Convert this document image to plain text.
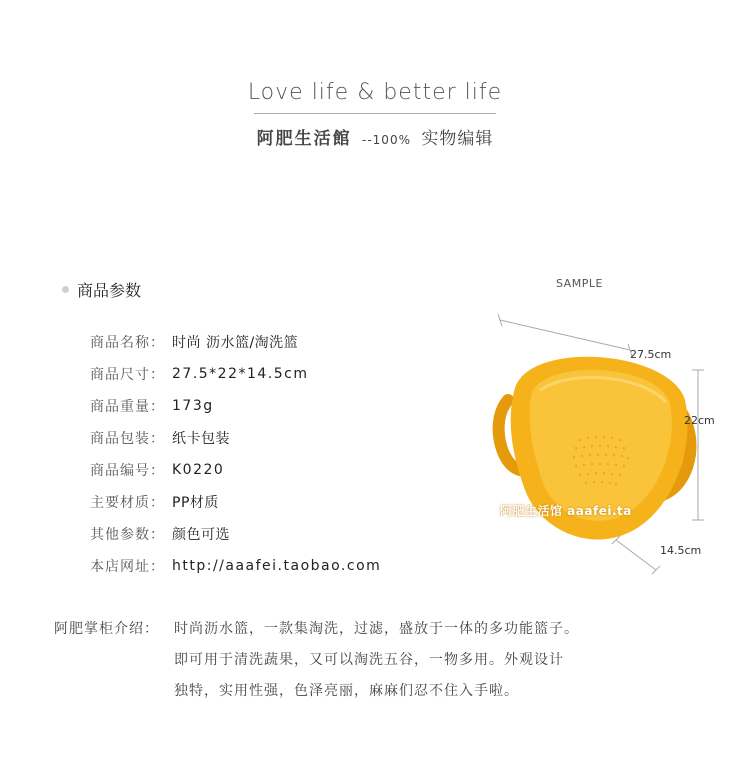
Love life & better life
阿肥生活館 --100% 实物编辑
商品参数
商品名称： 时尚 沥水篮/淘洗篮
商品尺寸： 27.5*22*14.5cm
商品重量： 173g
商品包装： 纸卡包装
商品编号： K0220
主要材质： PP材质
其他参数： 颜色可选
本店网址： http://aaafei.taobao.com
SAMPLE
27.5cm
22cm
14.5cm
阿肥生活馆 aaafei.ta
阿肥掌柜介绍：	时尚沥水篮，一款集淘洗，过滤，盛放于一体的多功能篮子。
即可用于清洗蔬果，又可以淘洗五谷，一物多用。外观设计
独特，实用性强，色泽亮丽，麻麻们忍不住入手啦。
